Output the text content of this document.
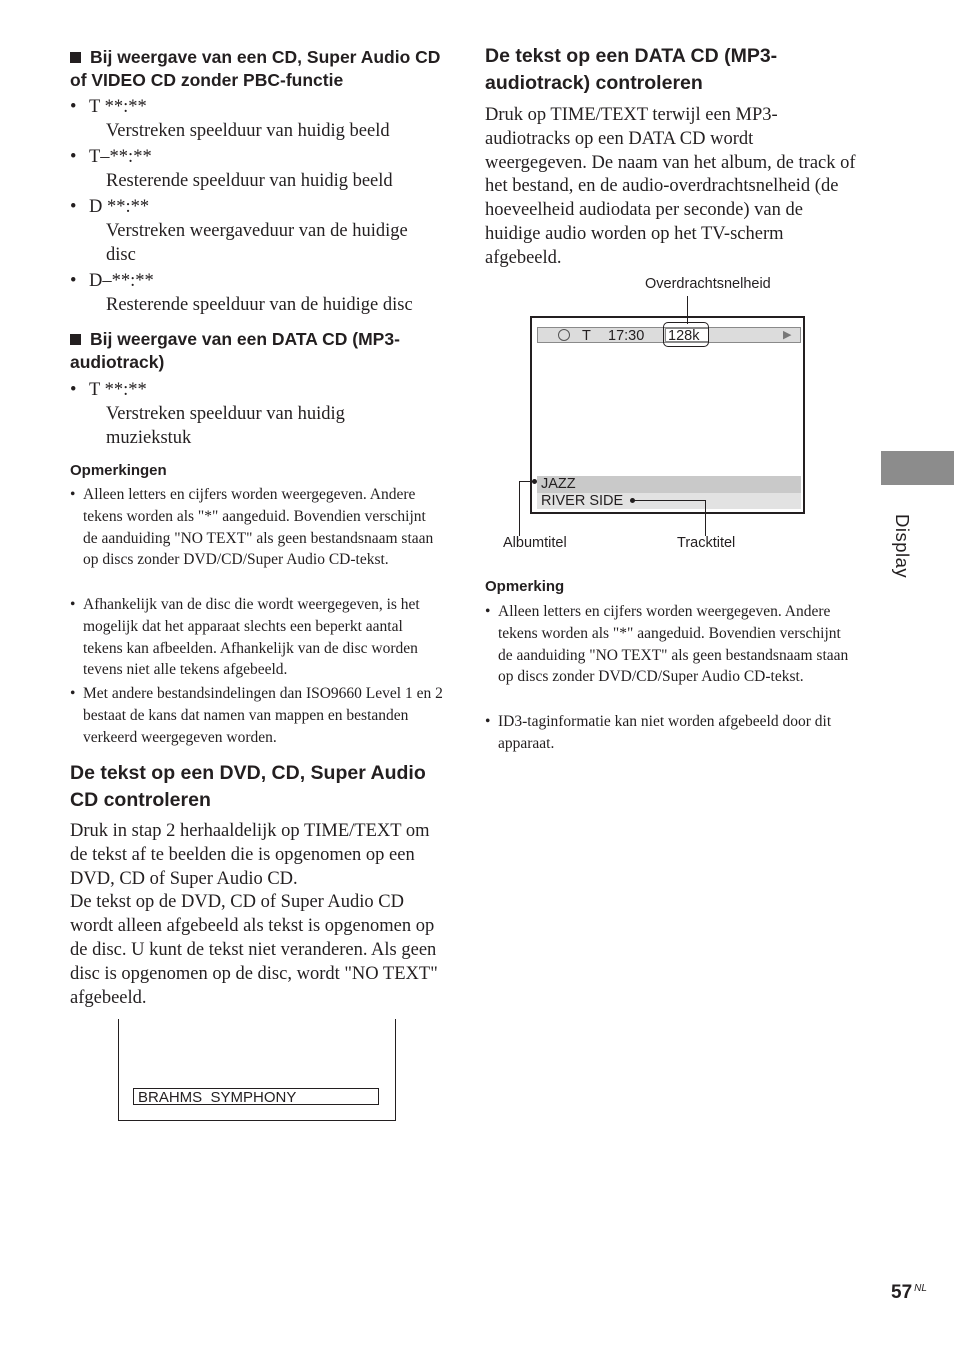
Bij weergave van een CD, Super Audio CD of VIDEO CD zonder PBC-functie
• T **:**
Verstreken speelduur van huidig beeld
• T–**:**
Resterende speelduur van huidig beeld
• D **:**
Verstreken weergaveduur van de huidige disc
• D–**:**
Resterende speelduur van de huidige disc
Bij weergave van een DATA CD (MP3-audiotrack)
• T **:**
Verstreken speelduur van huidig muziekstuk
Opmerkingen
• Alleen letters en cijfers worden weergegeven. Andere tekens worden als "*" aangeduid. Bovendien verschijnt de aanduiding "NO TEXT" als geen bestandsnaam staan op discs zonder DVD/CD/Super Audio CD-tekst.
• Afhankelijk van de disc die wordt weergegeven, is het mogelijk dat het apparaat slechts een beperkt aantal tekens kan afbeelden. Afhankelijk van de disc worden tevens niet alle tekens afgebeeld.
• Met andere bestandsindelingen dan ISO9660 Level 1 en 2 bestaat de kans dat namen van mappen en bestanden verkeerd weergegeven worden.
De tekst op een DVD, CD, Super Audio CD controleren
Druk in stap 2 herhaaldelijk op TIME/TEXT om de tekst af te beelden die is opgenomen op een DVD, CD of Super Audio CD.
De tekst op de DVD, CD of Super Audio CD wordt alleen afgebeeld als tekst is opgenomen op de disc. U kunt de tekst niet veranderen. Als geen disc is opgenomen op de disc, wordt "NO TEXT" afgebeeld.
BRAHMS  SYMPHONY
De tekst op een DATA CD (MP3-audiotrack) controleren
Druk op TIME/TEXT terwijl een MP3-audiotracks op een DATA CD wordt weergegeven. De naam van het album, de track of het bestand, en de audio-overdrachtsnelheid (de hoeveelheid audiodata per seconde) van de huidige audio worden op het TV-scherm afgebeeld.
Overdrachtsnelheid
T 17:30 128k	▶
JAZZ
RIVER SIDE
Albumtitel	Tracktitel
Opmerking
• Alleen letters en cijfers worden weergegeven. Andere tekens worden als "*" aangeduid. Bovendien verschijnt de aanduiding "NO TEXT" als geen bestandsnaam staan op discs zonder DVD/CD/Super Audio CD-tekst.
• ID3-taginformatie kan niet worden afgebeeld door dit apparaat.
Display
57 $^{NL}$
